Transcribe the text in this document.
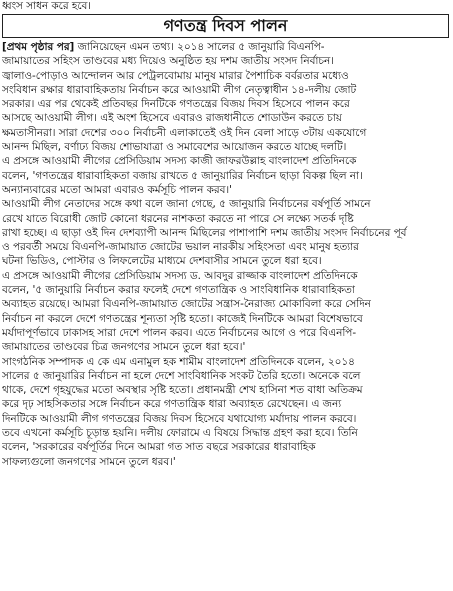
ধ্বংস সাধন করে হবে।
গণতন্ত্র দিবস পালন
[প্রথম পৃষ্ঠার পর] জানিয়েছেন এমন তথ্য। ২০১৪ সালের ৫ জানুয়ারি বিএনপি-
জামায়াতের সহিংস তাণ্ডবের মধ্য দিয়েও অনুষ্ঠিত হয় দশম জাতীয় সংসদ নির্বাচন।
জ্বালাও-পোড়াও আন্দোলন আর পেট্রলবোমায় মানুষ মারার পৈশাচিক বর্বরতার মধ্যেও
সংবিধান রক্ষার ধারাবাহিকতায় নির্বাচন করে আওয়ামী লীগ নেতৃত্বাধীন ১৪-দলীয় জোট
সরকার। এর পর থেকেই প্রতিবছর দিনটিকে গণতন্ত্রের বিজয় দিবস হিসেবে পালন করে
আসছে আওয়ামী লীগ। এই অংশ হিসেবে এবারও রাজধানীতে শোডাউন করতে চায়
ক্ষমতাসীনরা। সারা দেশের ৩০০ নির্বাচনী এলাকাতেই ওই দিন বেলা সাড়ে ৩টায় একযোগে
আনন্দ মিছিল, বর্ণাঢ্য বিজয় শোভাযাত্রা ও সমাবেশের আয়োজন করতে যাচ্ছে দলটি।
এ প্রসঙ্গে আওয়ামী লীগের প্রেসিডিয়াম সদস্য কাজী জাফরউল্লাহ বাংলাদেশ প্রতিদিনকে
বলেন, 'গণতন্ত্রের ধারাবাহিকতা বজায় রাখতে ৫ জানুয়ারির নির্বাচন ছাড়া বিকল্প ছিল না।
অন্যান্যবারের মতো আমরা এবারও কর্মসূচি পালন করব।'
আওয়ামী লীগ নেতাদের সঙ্গে কথা বলে জানা গেছে, ৫ জানুয়ারি নির্বাচনের বর্ষপূর্তি সামনে
রেখে যাতে বিরোধী জোট কোনো ধরনের নাশকতা করতে না পারে সে লক্ষ্যে সতর্ক দৃষ্টি
রাখা হচ্ছে। এ ছাড়া ওই দিন দেশব্যাপী আনন্দ মিছিলের পাশাপাশি দশম জাতীয় সংসদ নির্বাচনের পূর্ব
ও পরবর্তী সময়ে বিএনপি-জামায়াত জোটের ভয়াল নারকীয় সহিংসতা এবং মানুষ হত্যার
ঘটনা ভিডিও, পোস্টার ও লিফলেটের মাধ্যমে দেশবাসীর সামনে তুলে ধরা হবে।
এ প্রসঙ্গে আওয়ামী লীগের প্রেসিডিয়াম সদস্য ড. আবদুর রাজ্জাক বাংলাদেশ প্রতিদিনকে
বলেন, '৫ জানুয়ারি নির্বাচন করার ফলেই দেশে গণতান্ত্রিক ও সাংবিধানিক ধারাবাহিকতা
অব্যাহত রয়েছে। আমরা বিএনপি-জামায়াত জোটের সন্ত্রাস-নৈরাজ্য মোকাবিলা করে সেদিন
নির্বাচন না করলে দেশে গণতন্ত্রের শূন্যতা সৃষ্টি হতো। কাজেই দিনটিকে আমরা বিশেষভাবে
মর্যাদাপূর্ণভাবে ঢাকাসহ সারা দেশে পালন করব। এতে নির্বাচনের আগে ও পরে বিএনপি-
জামায়াতের তাণ্ডবের চিত্র জনগণের সামনে তুলে ধরা হবে।'
সাংগঠনিক সম্পাদক এ কে এম এনামুল হক শামীম বাংলাদেশ প্রতিদিনকে বলেন, ২০১৪
সালের ৫ জানুয়ারির নির্বাচন না হলে দেশে সাংবিধানিক সংকট তৈরি হতো। অনেকে বলে
থাকে, দেশে গৃহযুদ্ধের মতো অবস্থার সৃষ্টি হতো। প্রধানমন্ত্রী শেখ হাসিনা শত বাধা অতিক্রম
করে দৃঢ় সাহসিকতার সঙ্গে নির্বাচন করে গণতান্ত্রিক ধারা অব্যাহত রেখেছেন। এ জন্য
দিনটিকে আওয়ামী লীগ গণতন্ত্রের বিজয় দিবস হিসেবে যথাযোগ্য মর্যাদায় পালন করবে।
তবে এখনো কর্মসূচি চূড়ান্ত হয়নি। দলীয় ফোরামে এ বিষয়ে সিদ্ধান্ত গ্রহণ করা হবে। তিনি
বলেন, 'সরকারের বর্ষপূর্তির দিনে আমরা গত সাত বছরে সরকারের ধারাবাহিক
সাফল্যগুলো জনগণের সামনে তুলে ধরব।'
